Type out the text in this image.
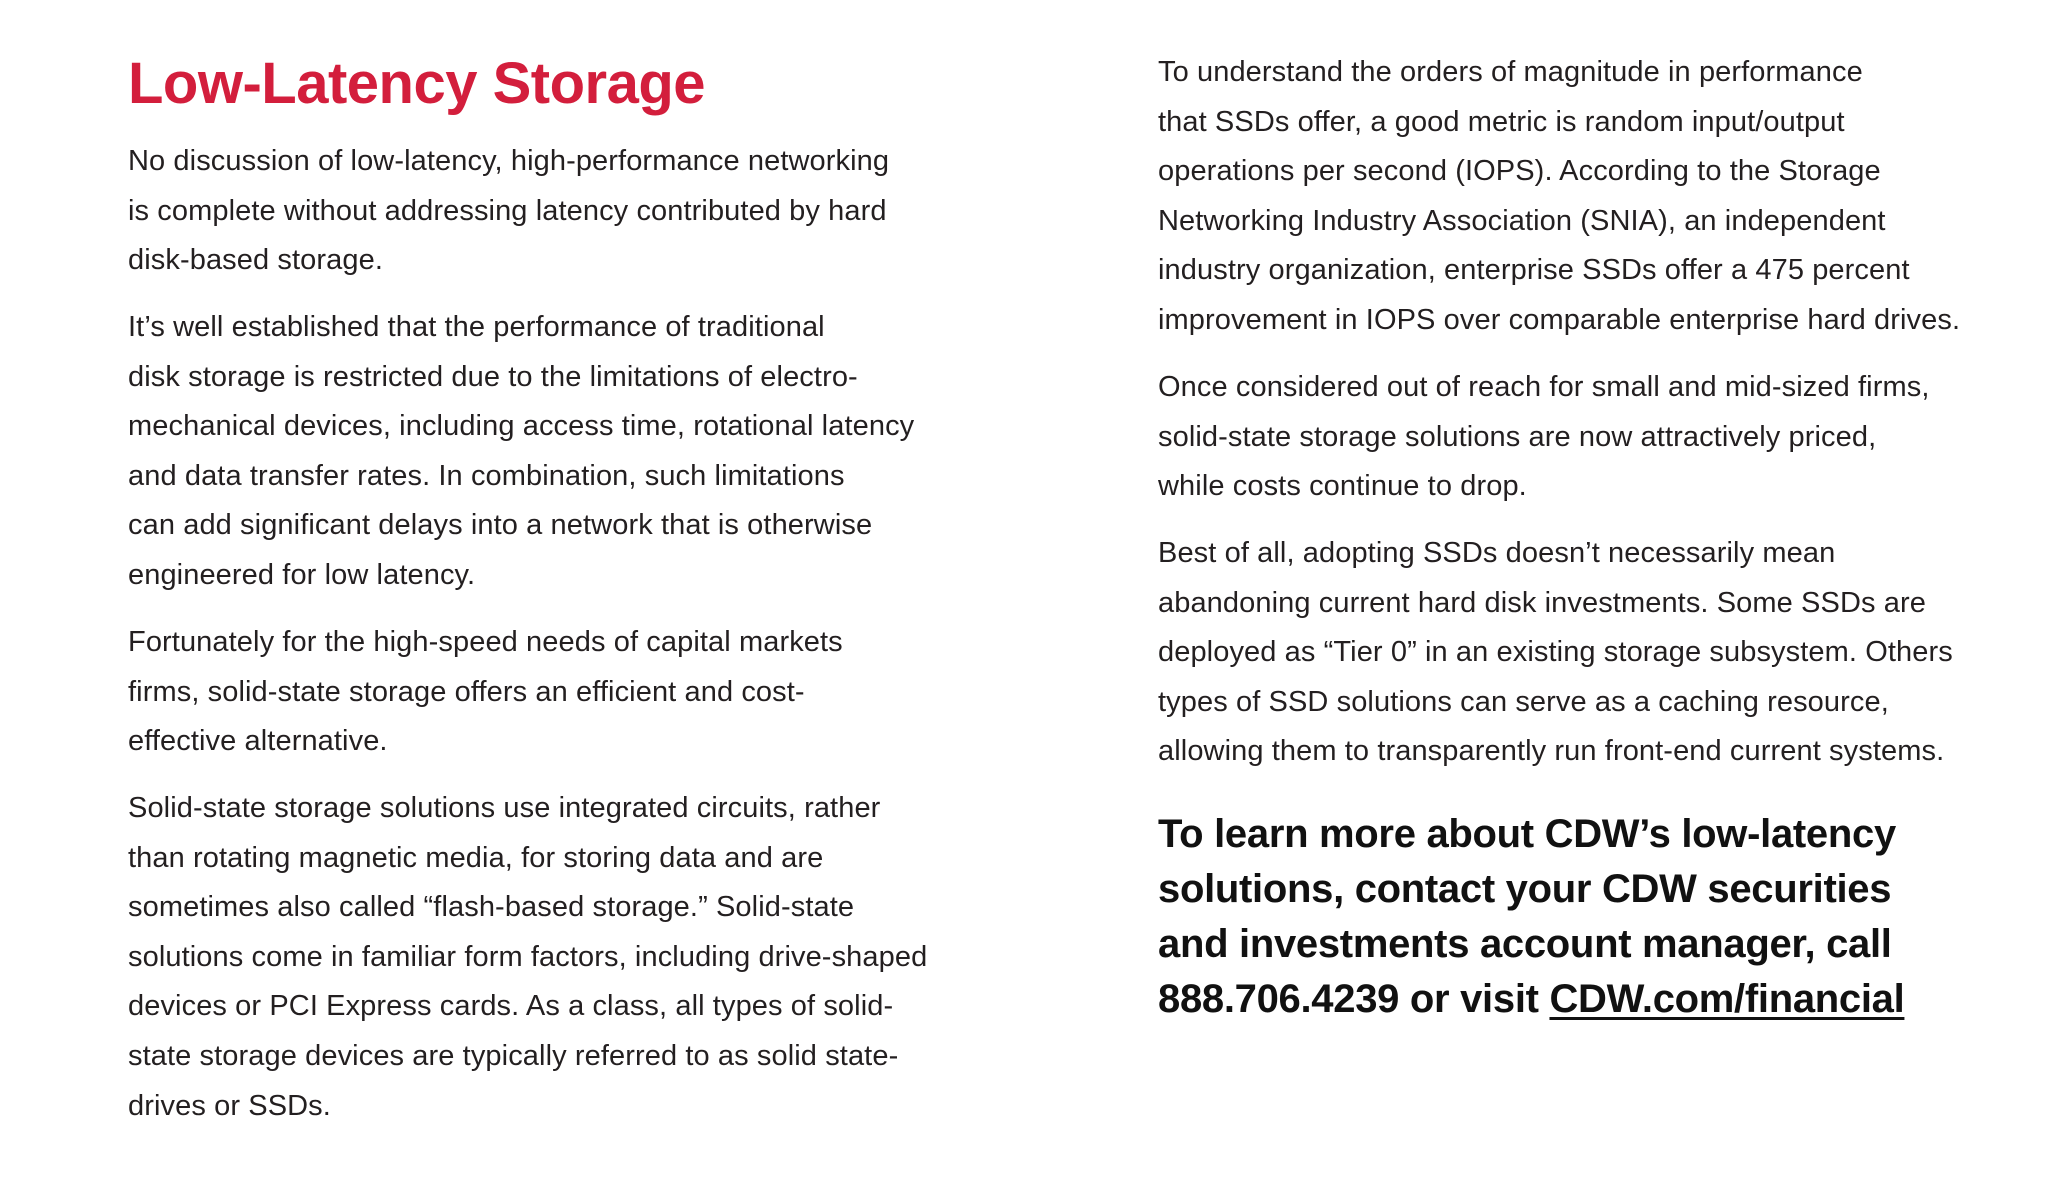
Low-Latency Storage

No discussion of low-latency, high-performance networking
is complete without addressing latency contributed by hard
disk-based storage.

It’s well established that the performance of traditional
disk storage is restricted due to the limitations of electro-
mechanical devices, including access time, rotational latency
and data transfer rates. In combination, such limitations
can add significant delays into a network that is otherwise
engineered for low latency.

Fortunately for the high-speed needs of capital markets
firms, solid-state storage offers an efficient and cost-
effective alternative.

Solid-state storage solutions use integrated circuits, rather
than rotating magnetic media, for storing data and are
sometimes also called “flash-based storage.” Solid-state
solutions come in familiar form factors, including drive-shaped
devices or PCI Express cards. As a class, all types of solid-
state storage devices are typically referred to as solid state-
drives or SSDs.

To understand the orders of magnitude in performance
that SSDs offer, a good metric is random input/output
operations per second (IOPS). According to the Storage
Networking Industry Association (SNIA), an independent
industry organization, enterprise SSDs offer a 475 percent
improvement in IOPS over comparable enterprise hard drives.

Once considered out of reach for small and mid-sized firms,
solid-state storage solutions are now attractively priced,
while costs continue to drop.

Best of all, adopting SSDs doesn’t necessarily mean
abandoning current hard disk investments. Some SSDs are
deployed as “Tier 0” in an existing storage subsystem. Others
types of SSD solutions can serve as a caching resource,
allowing them to transparently run front-end current systems.

To learn more about CDW’s low-latency
solutions, contact your CDW securities
and investments account manager, call
888.706.4239 or visit CDW.com/financial
